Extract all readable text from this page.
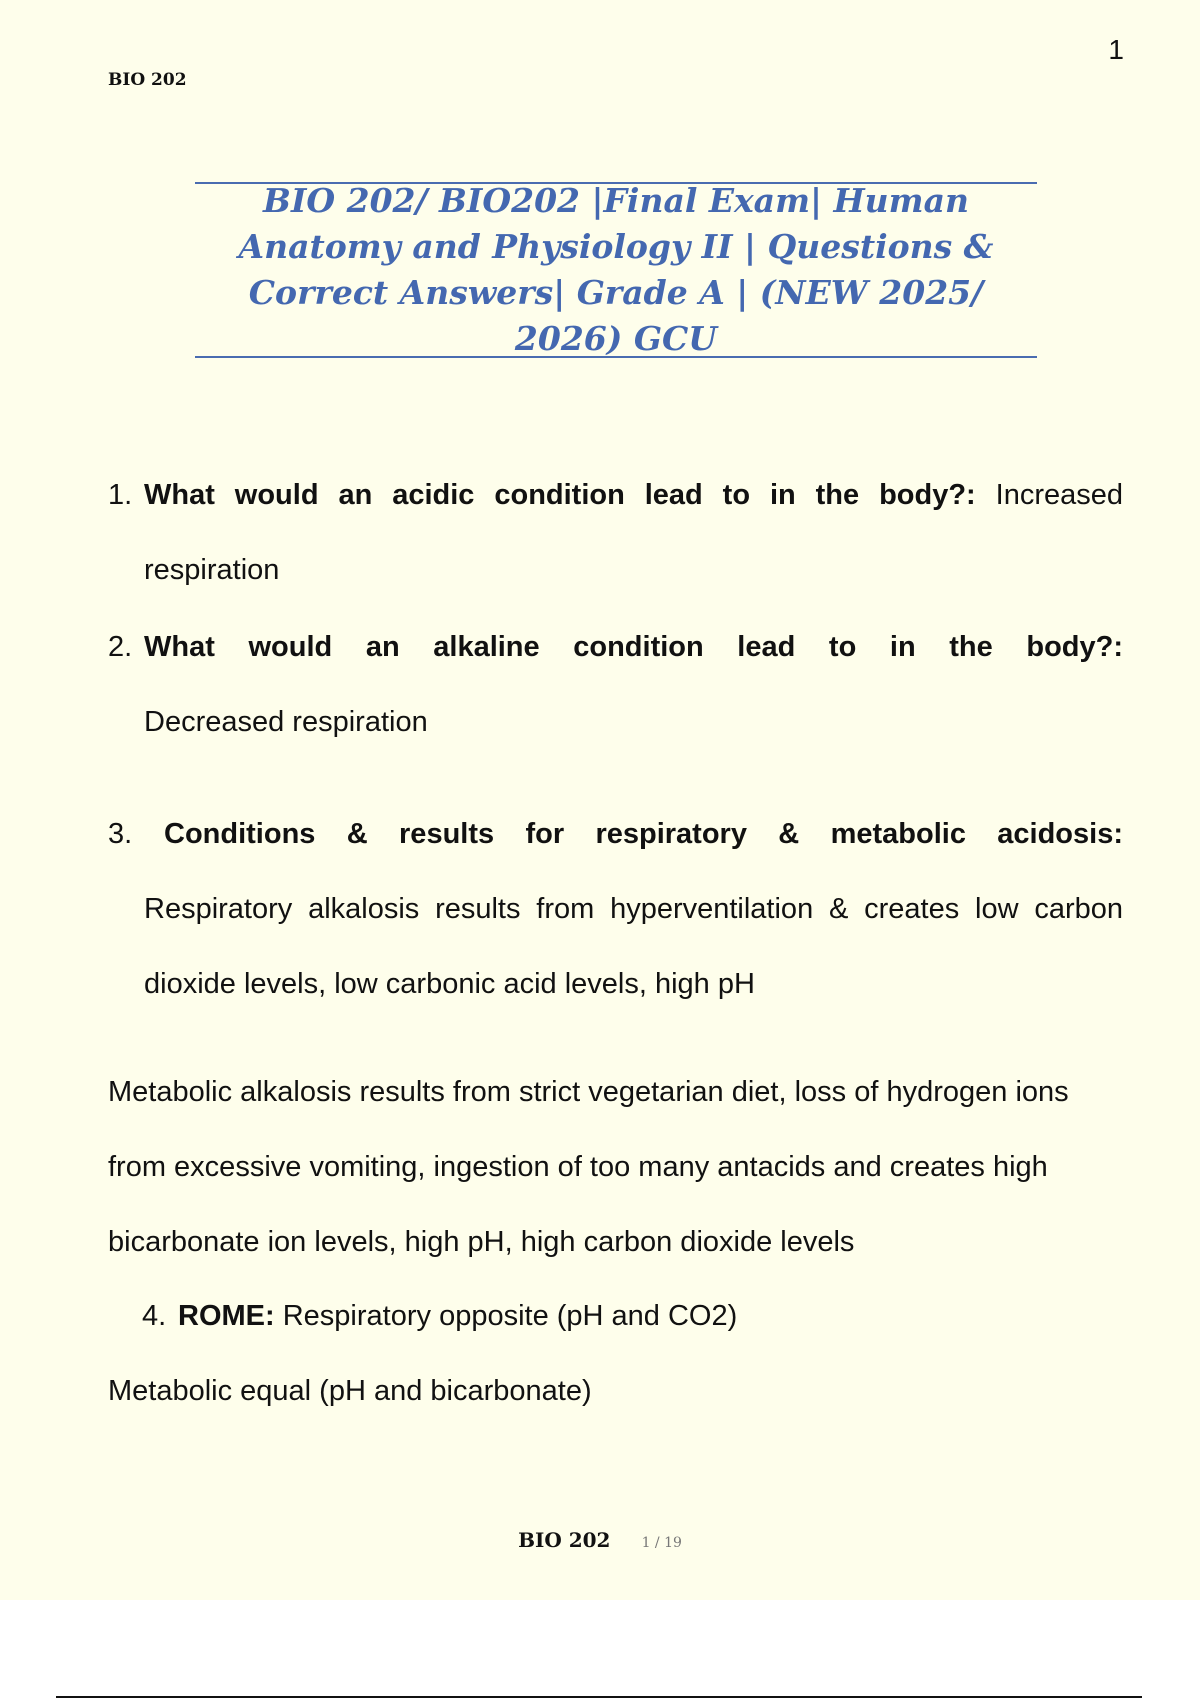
1
BIO 202
BIO 202/ BIO202 |Final Exam| Human Anatomy and Physiology II | Questions & Correct Answers| Grade A | (NEW 2025/ 2026) GCU
1. What would an acidic condition lead to in the body?: Increased respiration
2. What would an alkaline condition lead to in the body?:
Decreased respiration
3.	Conditions & results for respiratory & metabolic acidosis:
Respiratory alkalosis results from hyperventilation & creates low carbon dioxide levels, low carbonic acid levels, high pH
Metabolic alkalosis results from strict vegetarian diet, loss of hydrogen ions from excessive vomiting, ingestion of too many antacids and creates high bicarbonate ion levels, high pH, high carbon dioxide levels
4. ROME: Respiratory opposite (pH and CO2)
Metabolic equal (pH and bicarbonate)
BIO 202 1 / 19
